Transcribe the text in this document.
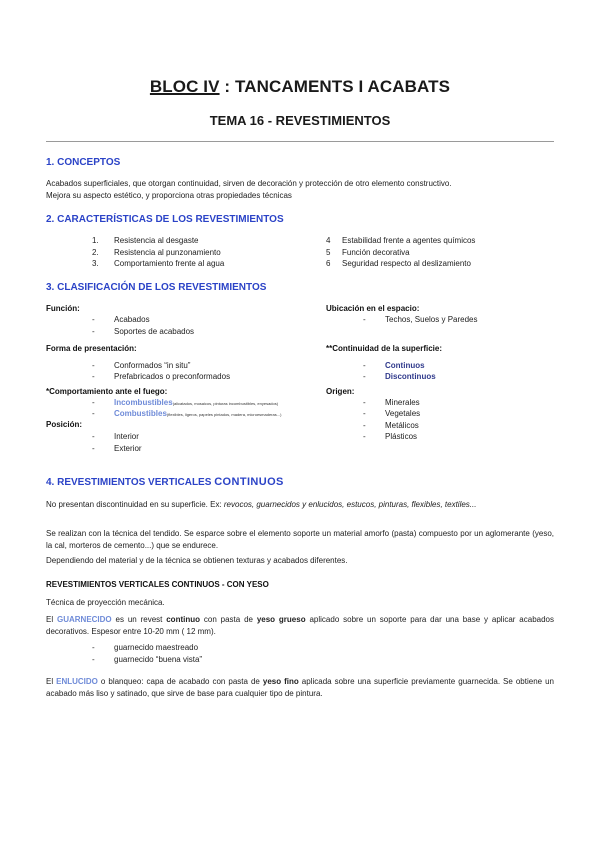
BLOC IV : TANCAMENTS I ACABATS
TEMA 16 - REVESTIMIENTOS
1. CONCEPTOS
Acabados superficiales, que otorgan continuidad, sirven de decoración y protección de otro elemento constructivo.
Mejora su aspecto estético, y proporciona otras propiedades técnicas
2. CARACTERÍSTICAS DE LOS REVESTIMIENTOS
1. Resistencia al desgaste
2. Resistencia al punzonamiento
3. Comportamiento frente al agua
4 Estabilidad frente a agentes químicos
5 Función decorativa
6 Seguridad respecto al deslizamiento
3. CLASIFICACIÓN DE LOS REVESTIMIENTOS
Función:
- Acabados
- Soportes de acabados
Forma de presentación:
- Conformados “in situ”
- Prefabricados o preconformados
*Comportamiento ante el fuego:
- Incombustibles(alicatados, mosaicos, pinturas incombustibles, enyesados)
- Combustibles(flexibles, ligeros, papeles pintados, madera, microesmaderas...)
Posición:
- Interior
- Exterior
Ubicación en el espacio:
- Techos, Suelos y Paredes
**Continuidad de la superficie:
- Continuos
- Discontinuos
Origen:
- Minerales
- Vegetales
- Metálicos
- Plásticos
4. REVESTIMIENTOS VERTICALES CONTINUOS
No presentan discontinuidad en su superficie. Ex: revocos, guarnecidos y enlucidos, estucos, pinturas, flexibles, textiles...
Se realizan con la técnica del tendido. Se esparce sobre el elemento soporte un material amorfo (pasta) compuesto por un aglomerante (yeso, la cal, morteros de cemento...) que se endurece.
Dependiendo del material y de la técnica se obtienen texturas y acabados diferentes.
REVESTIMIENTOS VERTICALES CONTINUOS - CON YESO
Técnica de proyección mecánica.
El GUARNECIDO es un revest continuo con pasta de yeso grueso aplicado sobre un soporte para dar una base y aplicar acabados decorativos. Espesor entre 10-20 mm ( 12 mm).
- guarnecido maestreado
- guarnecido “buena vista”
El ENLUCIDO o blanqueo: capa de acabado con pasta de yeso fino aplicada sobre una superficie previamente guarnecida. Se obtiene un acabado más liso y satinado, que sirve de base para cualquier tipo de pintura.
